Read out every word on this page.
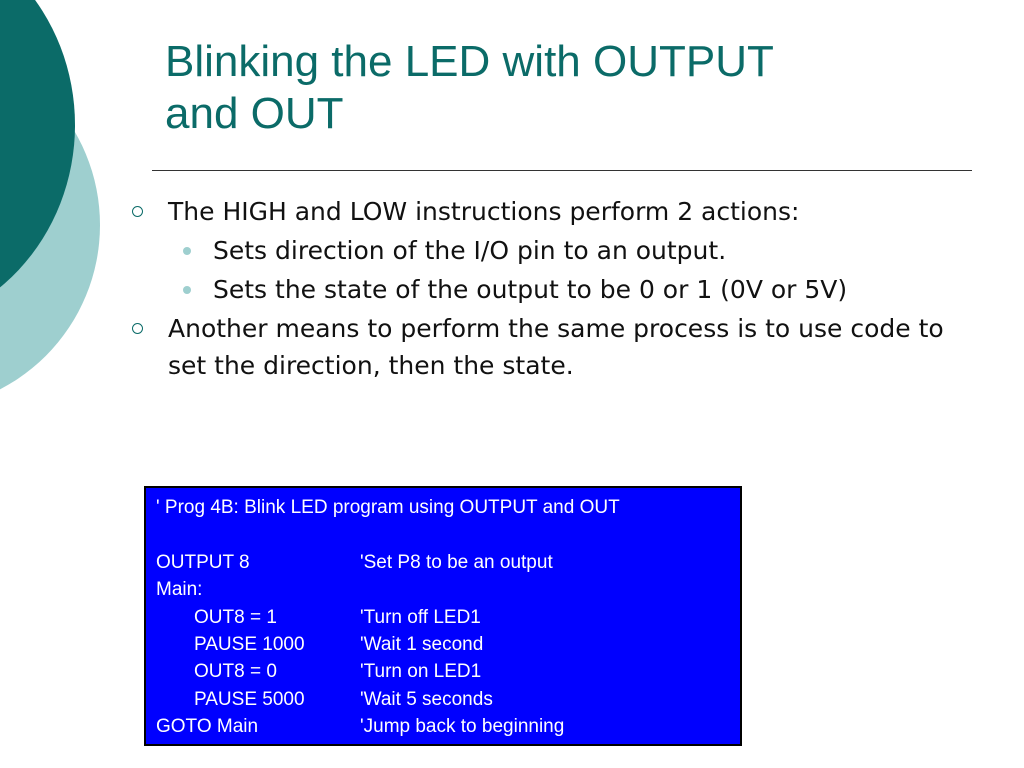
Blinking the LED with OUTPUT
and OUT
The HIGH and LOW instructions perform 2 actions:
Sets direction of the I/O pin to an output.
Sets the state of the output to be 0 or 1 (0V or 5V)
Another means to perform the same process is to use code to set the direction, then the state.
' Prog 4B: Blink LED program using OUTPUT and OUT
OUTPUT 8	'Set P8 to be an output
Main:
OUT8 = 1	'Turn off LED1
PAUSE 1000	'Wait 1 second
OUT8 = 0	'Turn on LED1
PAUSE 5000	'Wait 5 seconds
GOTO Main	'Jump back to beginning
